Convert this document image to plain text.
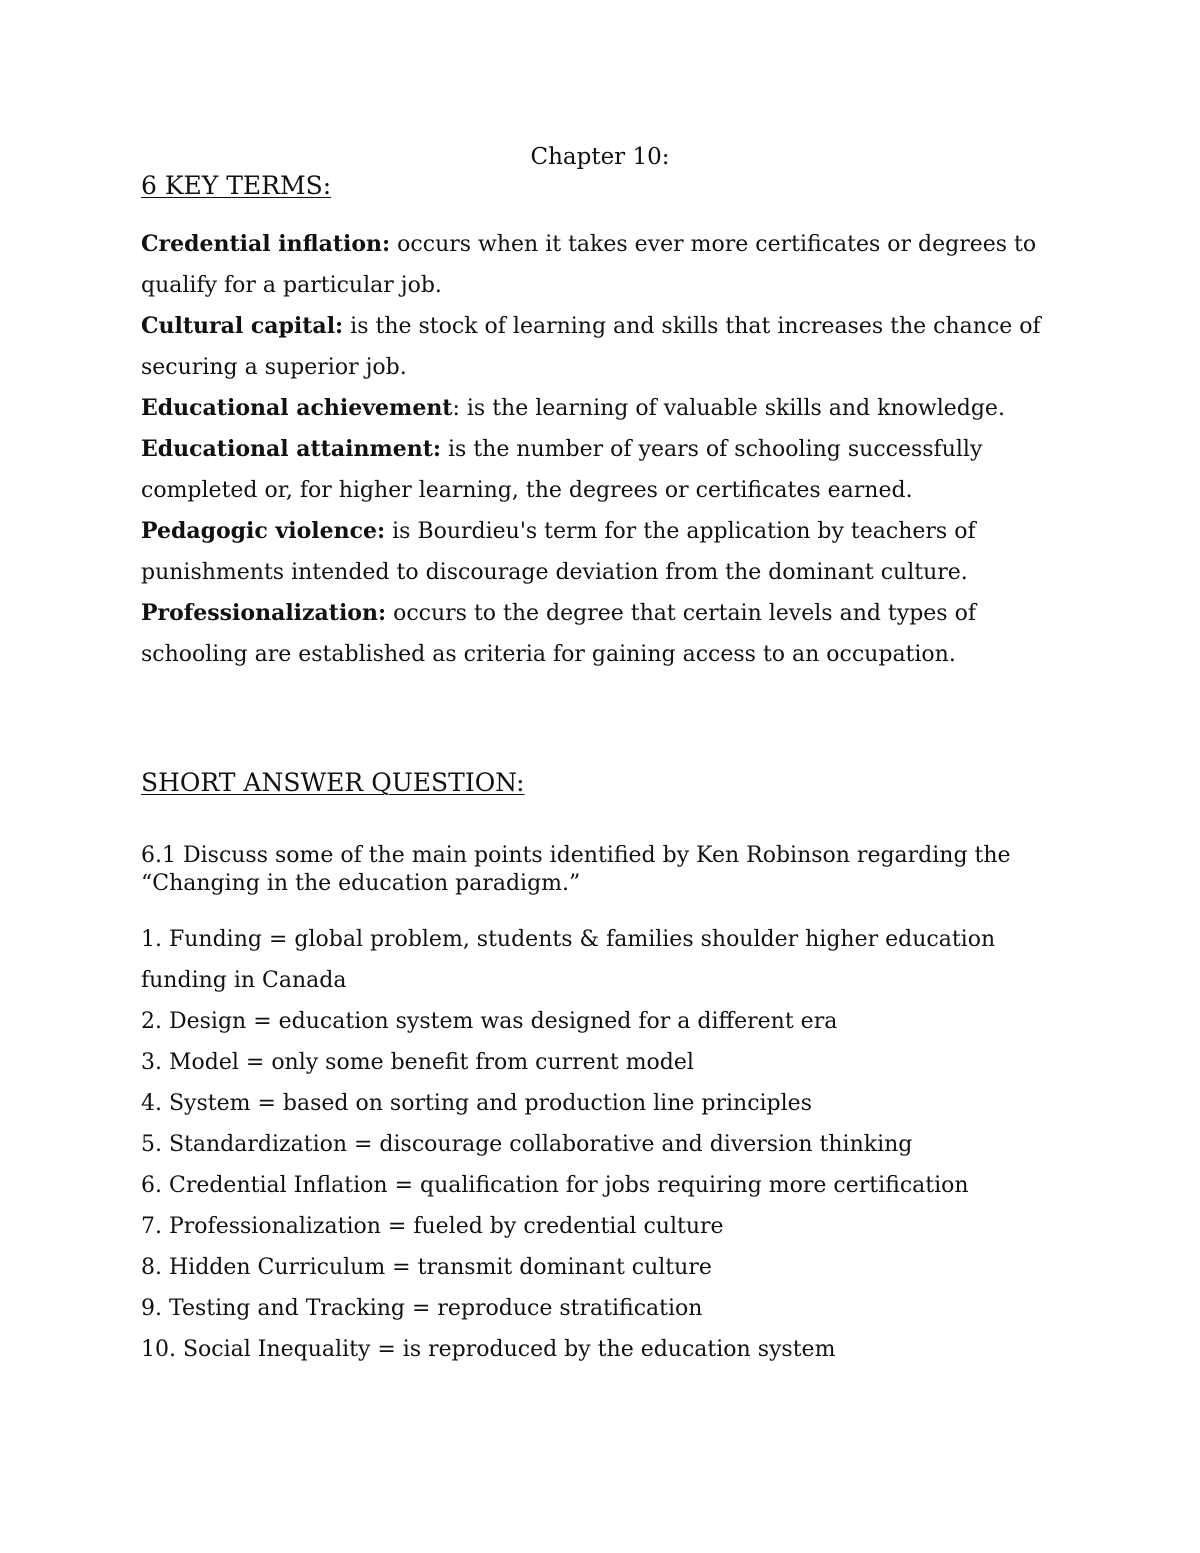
Chapter 10:
6 KEY TERMS:

Credential inflation: occurs when it takes ever more certificates or degrees to qualify for a particular job.

Cultural capital: is the stock of learning and skills that increases the chance of securing a superior job.

Educational achievement: is the learning of valuable skills and knowledge.

Educational attainment: is the number of years of schooling successfully completed or, for higher learning, the degrees or certificates earned.

Pedagogic violence: is Bourdieu's term for the application by teachers of punishments intended to discourage deviation from the dominant culture.

Professionalization: occurs to the degree that certain levels and types of schooling are established as criteria for gaining access to an occupation.

SHORT ANSWER QUESTION:

6.1 Discuss some of the main points identified by Ken Robinson regarding the “Changing in the education paradigm.”

1. Funding = global problem, students & families shoulder higher education funding in Canada
2. Design = education system was designed for a different era
3. Model = only some benefit from current model
4. System = based on sorting and production line principles
5. Standardization = discourage collaborative and diversion thinking
6. Credential Inflation = qualification for jobs requiring more certification
7. Professionalization = fueled by credential culture
8. Hidden Curriculum = transmit dominant culture
9. Testing and Tracking = reproduce stratification
10. Social Inequality = is reproduced by the education system
